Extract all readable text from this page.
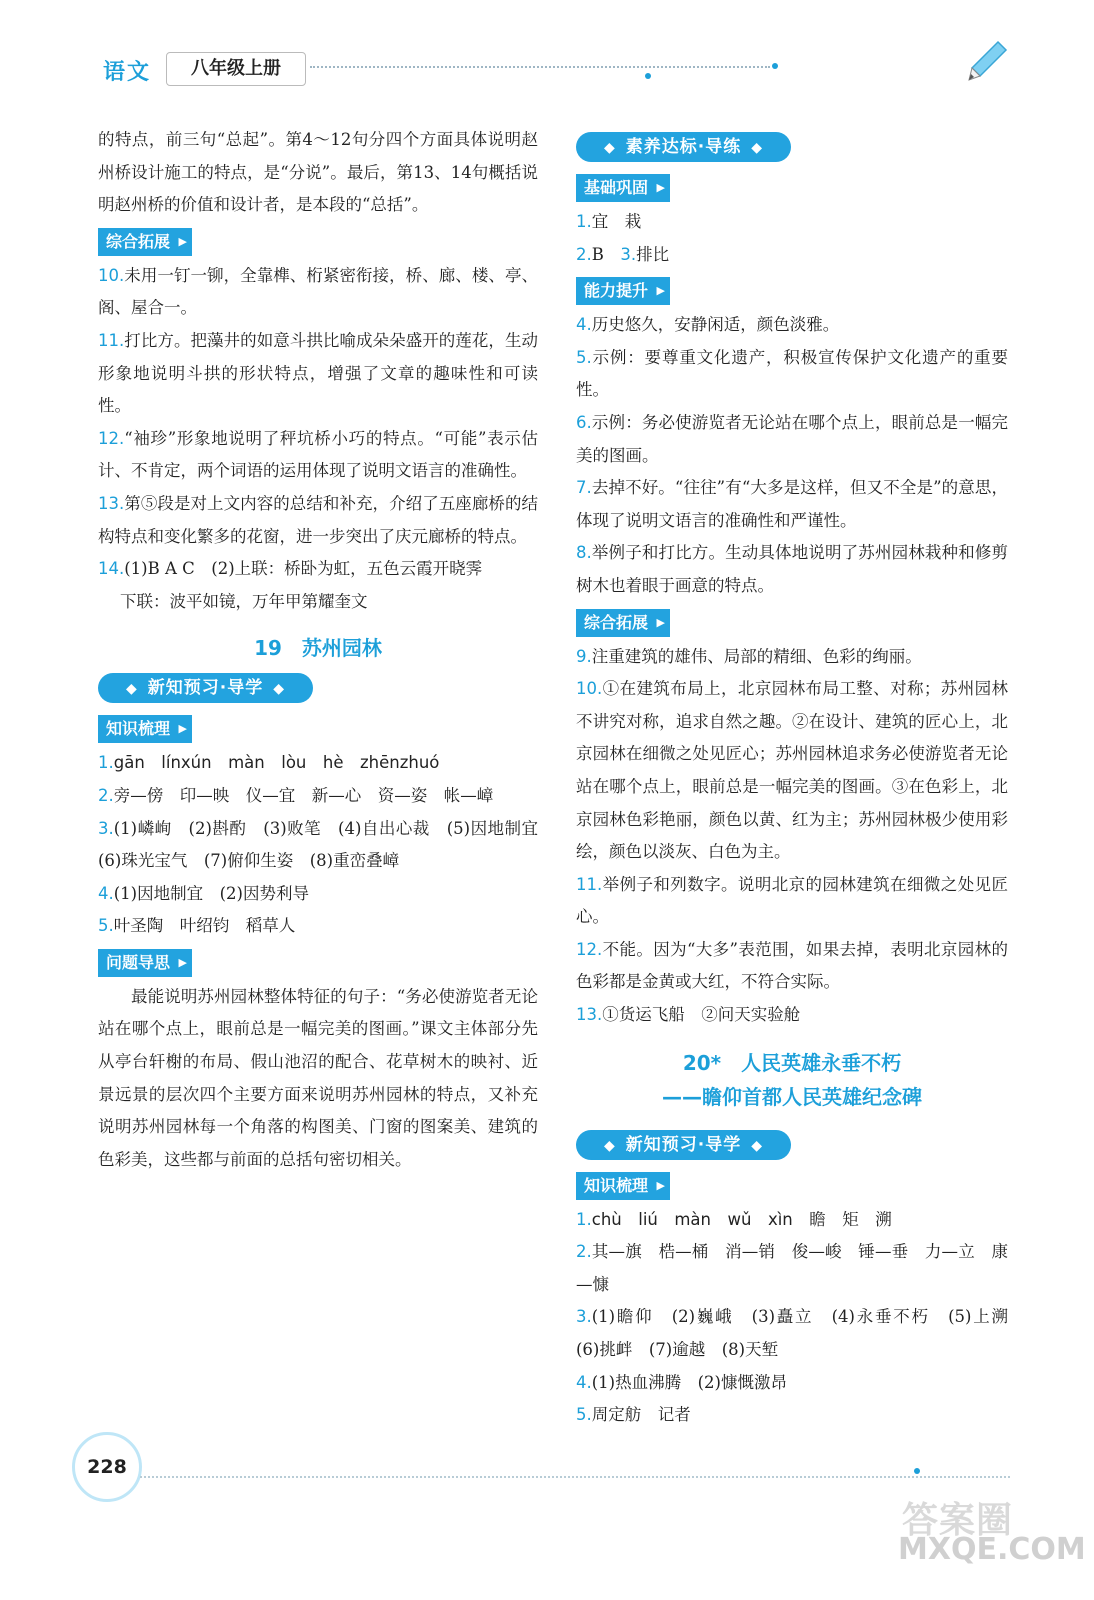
语文	八年级上册

的特点，前三句“总起”。第4～12句分四个方面具体说明赵州桥设计施工的特点，是“分说”。最后，第13、14句概括说明赵州桥的价值和设计者，是本段的“总括”。

综合拓展 ▶

10.未用一钉一铆，全靠榫、桁紧密衔接，桥、廊、楼、亭、阁、屋合一。

11.打比方。把藻井的如意斗拱比喻成朵朵盛开的莲花，生动形象地说明斗拱的形状特点，增强了文章的趣味性和可读性。

12.“袖珍”形象地说明了秤坑桥小巧的特点。“可能”表示估计、不肯定，两个词语的运用体现了说明文语言的准确性。

13.第⑤段是对上文内容的总结和补充，介绍了五座廊桥的结构特点和变化繁多的花窗，进一步突出了庆元廊桥的特点。

14.(1)B A C　(2)上联：桥卧为虹，五色云霞开晓霁

下联：波平如镜，万年甲第耀奎文

19　苏州园林
◆ 新知预习·导学 ◆
知识梳理 ▶

1.gān　línxún　màn　lòu　hè　zhēnzhuó

2.旁—傍　印—映　仪—宜　新—心　资—姿　帐—嶂

3.(1)嶙峋　(2)斟酌　(3)败笔　(4)自出心裁　(5)因地制宜　(6)珠光宝气　(7)俯仰生姿　(8)重峦叠嶂

4.(1)因地制宜　(2)因势利导

5.叶圣陶　叶绍钧　稻草人

问题导思 ▶

最能说明苏州园林整体特征的句子：“务必使游览者无论站在哪个点上，眼前总是一幅完美的图画。”课文主体部分先从亭台轩榭的布局、假山池沼的配合、花草树木的映衬、近景远景的层次四个主要方面来说明苏州园林的特点，又补充说明苏州园林每一个角落的构图美、门窗的图案美、建筑的色彩美，这些都与前面的总括句密切相关。

◆ 素养达标·导练 ◆
基础巩固 ▶

1.宜　栽

2.B　 3.排比

能力提升 ▶

4.历史悠久，安静闲适，颜色淡雅。

5.示例：要尊重文化遗产，积极宣传保护文化遗产的重要性。

6.示例：务必使游览者无论站在哪个点上，眼前总是一幅完美的图画。

7.去掉不好。“往往”有“大多是这样，但又不全是”的意思，体现了说明文语言的准确性和严谨性。

8.举例子和打比方。生动具体地说明了苏州园林栽种和修剪树木也着眼于画意的特点。

综合拓展 ▶

9.注重建筑的雄伟、局部的精细、色彩的绚丽。

10.①在建筑布局上，北京园林布局工整、对称；苏州园林不讲究对称，追求自然之趣。②在设计、建筑的匠心上，北京园林在细微之处见匠心；苏州园林追求务必使游览者无论站在哪个点上，眼前总是一幅完美的图画。③在色彩上，北京园林色彩艳丽，颜色以黄、红为主；苏州园林极少使用彩绘，颜色以淡灰、白色为主。

11.举例子和列数字。说明北京的园林建筑在细微之处见匠心。

12.不能。因为“大多”表范围，如果去掉，表明北京园林的色彩都是金黄或大红，不符合实际。

13.①货运飞船　②问天实验舱

20*　人民英雄永垂不朽
——瞻仰首都人民英雄纪念碑
◆ 新知预习·导学 ◆
知识梳理 ▶

1.chù　liú　màn　wǔ　xìn　瞻　矩　溯

2.其—旗　梏—桶　消—销　俊—峻　锤—垂　力—立　康—慷

3.(1)瞻仰　(2)巍峨　(3)矗立　(4)永垂不朽　(5)上溯　(6)挑衅　(7)逾越　(8)天堑

4.(1)热血沸腾　(2)慷慨激昂

5.周定舫　记者

228
答案圈
MXQE.COM
